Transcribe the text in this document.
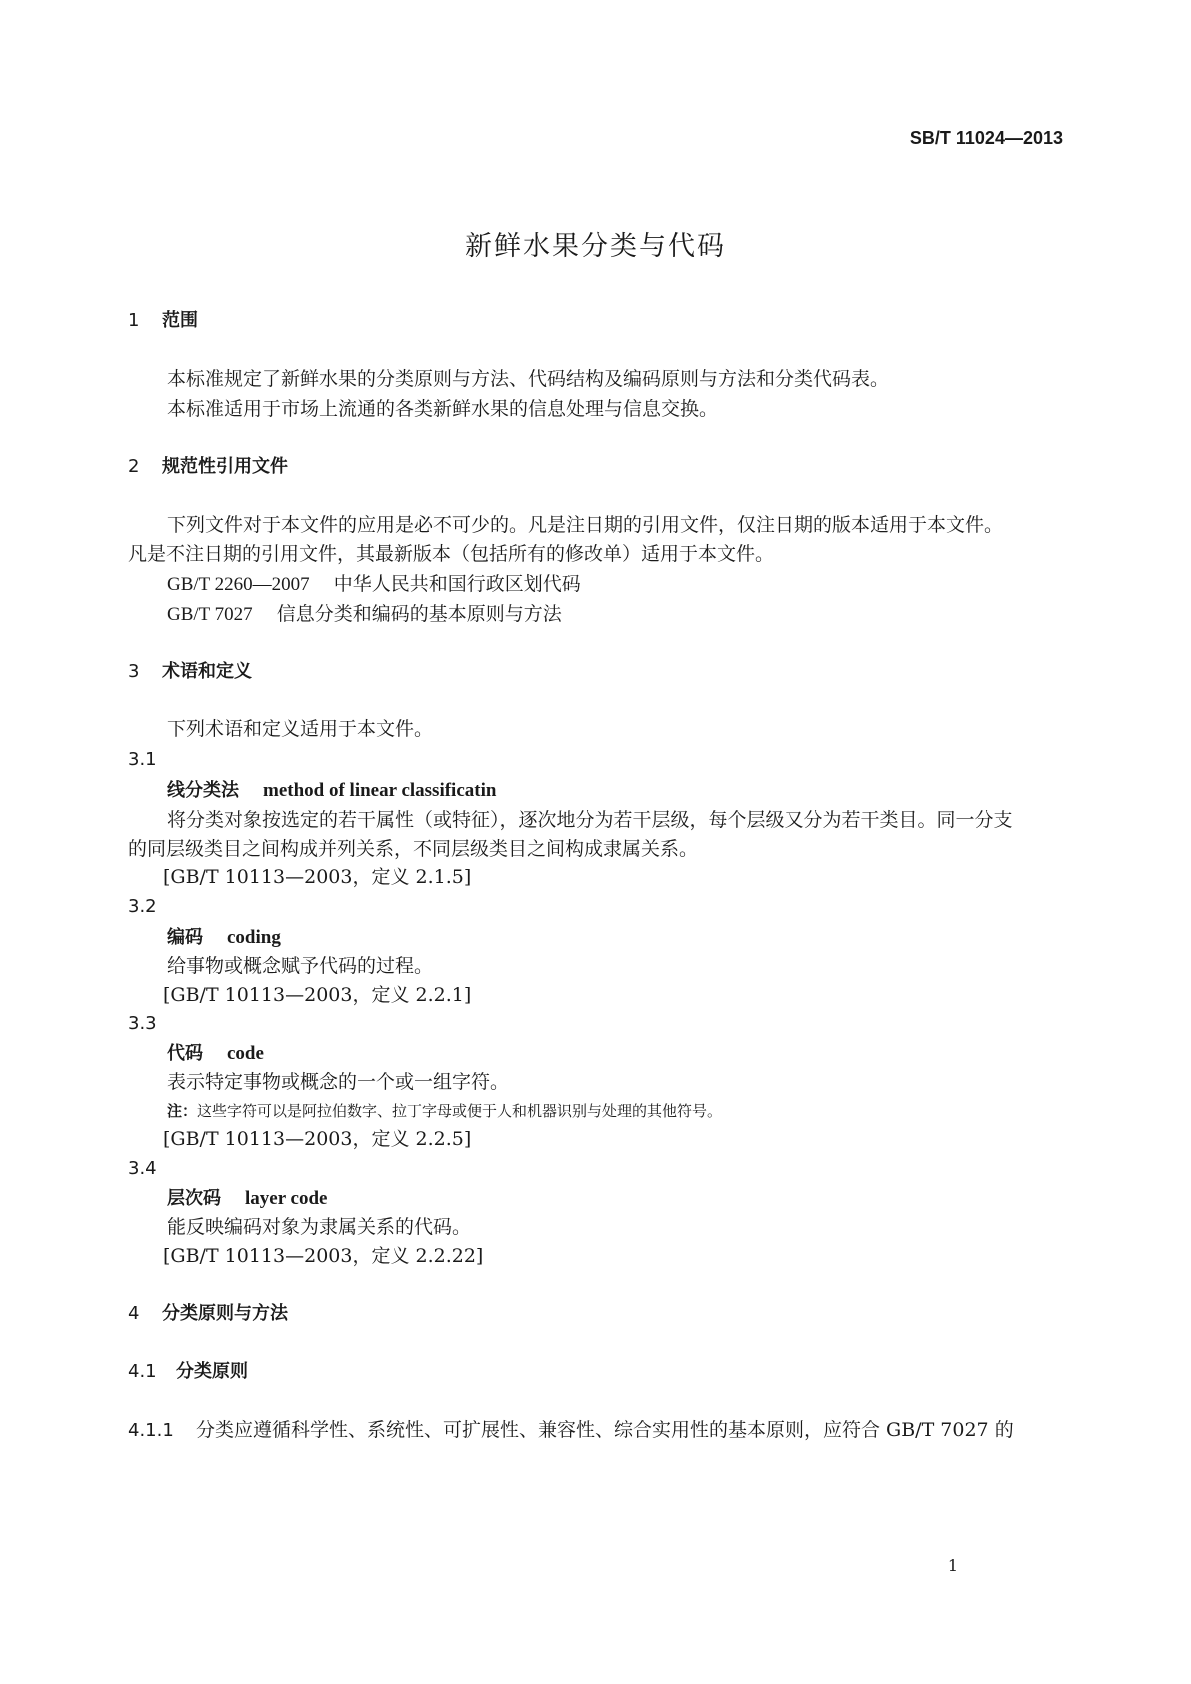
SB/T 11024—2013
新鲜水果分类与代码
1 范围
本标准规定了新鲜水果的分类原则与方法、代码结构及编码原则与方法和分类代码表。
本标准适用于市场上流通的各类新鲜水果的信息处理与信息交换。
2 规范性引用文件
下列文件对于本文件的应用是必不可少的。凡是注日期的引用文件，仅注日期的版本适用于本文件。凡是不注日期的引用文件，其最新版本（包括所有的修改单）适用于本文件。
GB/T 2260—2007 中华人民共和国行政区划代码
GB/T 7027 信息分类和编码的基本原则与方法
3 术语和定义
下列术语和定义适用于本文件。
3.1
线分类法 method of linear classificatin
将分类对象按选定的若干属性（或特征），逐次地分为若干层级，每个层级又分为若干类目。同一分支的同层级类目之间构成并列关系，不同层级类目之间构成隶属关系。
[GB/T 10113—2003，定义 2.1.5]
3.2
编码 coding
给事物或概念赋予代码的过程。
[GB/T 10113—2003，定义 2.2.1]
3.3
代码 code
表示特定事物或概念的一个或一组字符。
注：这些字符可以是阿拉伯数字、拉丁字母或便于人和机器识别与处理的其他符号。
[GB/T 10113—2003，定义 2.2.5]
3.4
层次码 layer code
能反映编码对象为隶属关系的代码。
[GB/T 10113—2003，定义 2.2.22]
4 分类原则与方法
4.1 分类原则
4.1.1 分类应遵循科学性、系统性、可扩展性、兼容性、综合实用性的基本原则，应符合 GB/T 7027 的
1
